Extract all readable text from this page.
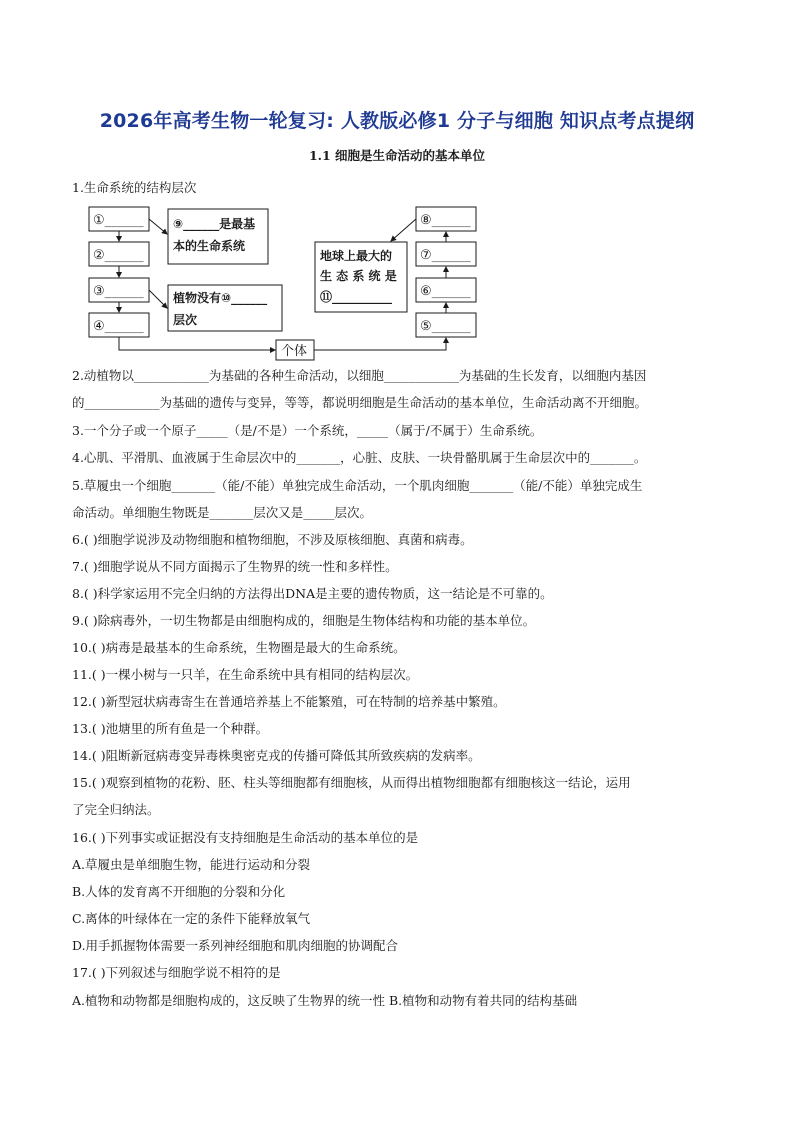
2026年高考生物一轮复习: 人教版必修1 分子与细胞 知识点考点提纲
1.1 细胞是生命活动的基本单位
1.生命系统的结构层次
①______
②______
③______
④______
⑨______是最基
本的生命系统
植物没有⑩______
层次
⑧______
⑦______
⑥______
⑤______
地球上最大的
生 态 系 统 是
⑪__________
个体
2.动植物以____________为基础的各种生命活动，以细胞____________为基础的生长发育，以细胞内基因
的____________为基础的遗传与变异，等等，都说明细胞是生命活动的基本单位，生命活动离不开细胞。
3.一个分子或一个原子_____（是/不是）一个系统，_____（属于/不属于）生命系统。
4.心肌、平滑肌、血液属于生命层次中的_______，心脏、皮肤、一块骨骼肌属于生命层次中的_______。
5.草履虫一个细胞_______（能/不能）单独完成生命活动，一个肌肉细胞_______（能/不能）单独完成生
命活动。单细胞生物既是_______层次又是_____层次。
6.( )细胞学说涉及动物细胞和植物细胞，不涉及原核细胞、真菌和病毒。
7.( )细胞学说从不同方面揭示了生物界的统一性和多样性。
8.( )科学家运用不完全归纳的方法得出DNA是主要的遗传物质，这一结论是不可靠的。
9.( )除病毒外，一切生物都是由细胞构成的，细胞是生物体结构和功能的基本单位。
10.( )病毒是最基本的生命系统，生物圈是最大的生命系统。
11.( )一棵小树与一只羊，在生命系统中具有相同的结构层次。
12.( )新型冠状病毒寄生在普通培养基上不能繁殖，可在特制的培养基中繁殖。
13.( )池塘里的所有鱼是一个种群。
14.( )阻断新冠病毒变异毒株奥密克戎的传播可降低其所致疾病的发病率。
15.( )观察到植物的花粉、胚、柱头等细胞都有细胞核，从而得出植物细胞都有细胞核这一结论，运用
了完全归纳法。
16.( )下列事实或证据没有支持细胞是生命活动的基本单位的是
A.草履虫是单细胞生物，能进行运动和分裂
B.人体的发育离不开细胞的分裂和分化
C.离体的叶绿体在一定的条件下能释放氧气
D.用手抓握物体需要一系列神经细胞和肌肉细胞的协调配合
17.( )下列叙述与细胞学说不相符的是
A.植物和动物都是细胞构成的，这反映了生物界的统一性 B.植物和动物有着共同的结构基础
